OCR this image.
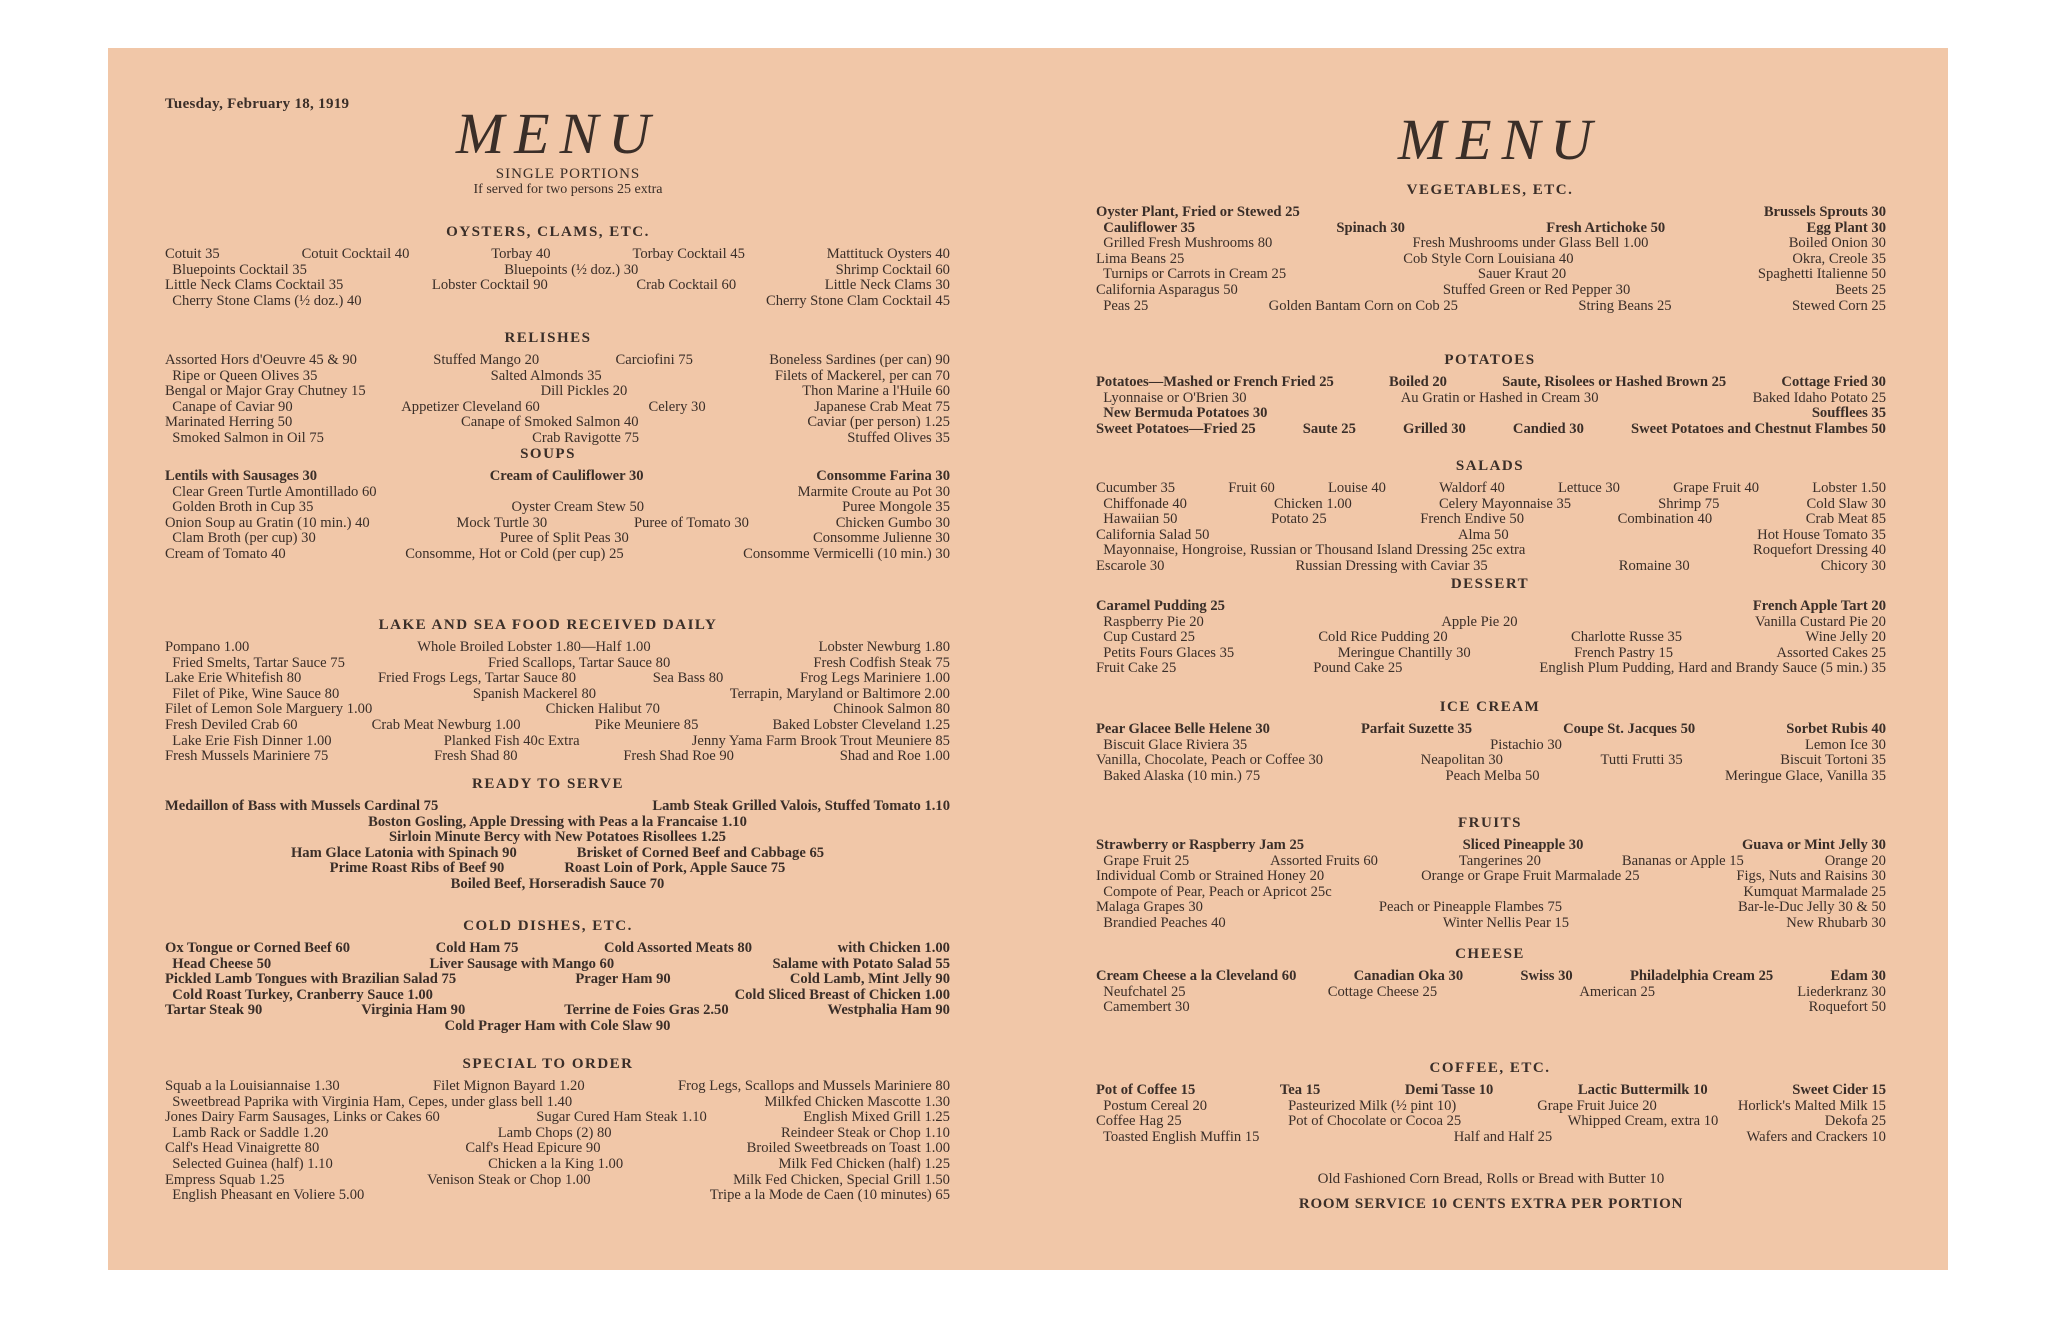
Tuesday, February 18, 1919	MENU
SINGLE PORTIONS
If served for two persons 25 extra
OYSTERS, CLAMS, ETC.
Cotuit 35	Cotuit Cocktail 40	Torbay 40	Torbay Cocktail 45	Mattituck Oysters 40
Bluepoints Cocktail 35	Bluepoints (½ doz.) 30	Shrimp Cocktail 60
Little Neck Clams Cocktail 35	Lobster Cocktail 90	Crab Cocktail 60	Little Neck Clams 30
Cherry Stone Clams (½ doz.) 40	Cherry Stone Clam Cocktail 45
RELISHES
Assorted Hors d'Oeuvre 45 & 90	Stuffed Mango 20	Carciofini 75	Boneless Sardines (per can) 90
Ripe or Queen Olives 35	Salted Almonds 35	Filets of Mackerel, per can 70
Bengal or Major Gray Chutney 15	Dill Pickles 20	Thon Marine a l'Huile 60
Canape of Caviar 90	Appetizer Cleveland 60	Celery 30	Japanese Crab Meat 75
Marinated Herring 50	Canape of Smoked Salmon 40	Caviar (per person) 1.25
Smoked Salmon in Oil 75	Crab Ravigotte 75	Stuffed Olives 35
SOUPS
Lentils with Sausages 30	Cream of Cauliflower 30	Consomme Farina 30
Clear Green Turtle Amontillado 60	Marmite Croute au Pot 30
Golden Broth in Cup 35	Oyster Cream Stew 50	Puree Mongole 35
Onion Soup au Gratin (10 min.) 40	Mock Turtle 30	Puree of Tomato 30	Chicken Gumbo 30
Clam Broth (per cup) 30	Puree of Split Peas 30	Consomme Julienne 30
Cream of Tomato 40	Consomme, Hot or Cold (per cup) 25	Consomme Vermicelli (10 min.) 30
LAKE AND SEA FOOD RECEIVED DAILY
Pompano 1.00	Whole Broiled Lobster 1.80—Half 1.00	Lobster Newburg 1.80
Fried Smelts, Tartar Sauce 75	Fried Scallops, Tartar Sauce 80	Fresh Codfish Steak 75
Lake Erie Whitefish 80	Fried Frogs Legs, Tartar Sauce 80	Sea Bass 80	Frog Legs Mariniere 1.00
Filet of Pike, Wine Sauce 80	Spanish Mackerel 80	Terrapin, Maryland or Baltimore 2.00
Filet of Lemon Sole Marguery 1.00	Chicken Halibut 70	Chinook Salmon 80
Fresh Deviled Crab 60	Crab Meat Newburg 1.00	Pike Meuniere 85	Baked Lobster Cleveland 1.25
Lake Erie Fish Dinner 1.00	Planked Fish 40c Extra	Jenny Yama Farm Brook Trout Meuniere 85
Fresh Mussels Mariniere 75	Fresh Shad 80	Fresh Shad Roe 90	Shad and Roe 1.00
READY TO SERVE
Medaillon of Bass with Mussels Cardinal 75	Lamb Steak Grilled Valois, Stuffed Tomato 1.10
Boston Gosling, Apple Dressing with Peas a la Francaise 1.10
Sirloin Minute Bercy with New Potatoes Risollees 1.25
Ham Glace Latonia with Spinach 90	Brisket of Corned Beef and Cabbage 65
Prime Roast Ribs of Beef 90	Roast Loin of Pork, Apple Sauce 75
Boiled Beef, Horseradish Sauce 70
COLD DISHES, ETC.
Ox Tongue or Corned Beef 60	Cold Ham 75	Cold Assorted Meats 80	with Chicken 1.00
Head Cheese 50	Liver Sausage with Mango 60	Salame with Potato Salad 55
Pickled Lamb Tongues with Brazilian Salad 75	Prager Ham 90	Cold Lamb, Mint Jelly 90
Cold Roast Turkey, Cranberry Sauce 1.00	Cold Sliced Breast of Chicken 1.00
Tartar Steak 90	Virginia Ham 90	Terrine de Foies Gras 2.50	Westphalia Ham 90
Cold Prager Ham with Cole Slaw 90
SPECIAL TO ORDER
Squab a la Louisiannaise 1.30	Filet Mignon Bayard 1.20	Frog Legs, Scallops and Mussels Mariniere 80
Sweetbread Paprika with Virginia Ham, Cepes, under glass bell 1.40	Milkfed Chicken Mascotte 1.30
Jones Dairy Farm Sausages, Links or Cakes 60	Sugar Cured Ham Steak 1.10	English Mixed Grill 1.25
Lamb Rack or Saddle 1.20	Lamb Chops (2) 80	Reindeer Steak or Chop 1.10
Calf's Head Vinaigrette 80	Calf's Head Epicure 90	Broiled Sweetbreads on Toast 1.00
Selected Guinea (half) 1.10	Chicken a la King 1.00	Milk Fed Chicken (half) 1.25
Empress Squab 1.25	Venison Steak or Chop 1.00	Milk Fed Chicken, Special Grill 1.50
English Pheasant en Voliere 5.00	Tripe a la Mode de Caen (10 minutes) 65
MENU
Old Fashioned Corn Bread, Rolls or Bread with Butter 10
ROOM SERVICE 10 CENTS EXTRA PER PORTION
VEGETABLES, ETC.
Oyster Plant, Fried or Stewed 25	Brussels Sprouts 30
Cauliflower 35	Spinach 30	Fresh Artichoke 50	Egg Plant 30
Grilled Fresh Mushrooms 80	Fresh Mushrooms under Glass Bell 1.00	Boiled Onion 30
Lima Beans 25	Cob Style Corn Louisiana 40	Okra, Creole 35
Turnips or Carrots in Cream 25	Sauer Kraut 20	Spaghetti Italienne 50
California Asparagus 50	Stuffed Green or Red Pepper 30	Beets 25
Peas 25	Golden Bantam Corn on Cob 25	String Beans 25	Stewed Corn 25
POTATOES
Potatoes—Mashed or French Fried 25	Boiled 20	Saute, Risolees or Hashed Brown 25	Cottage Fried 30
Lyonnaise or O'Brien 30	Au Gratin or Hashed in Cream 30	Baked Idaho Potato 25
New Bermuda Potatoes 30	Soufflees 35
Sweet Potatoes—Fried 25	Saute 25	Grilled 30	Candied 30	Sweet Potatoes and Chestnut Flambes 50
SALADS
Cucumber 35	Fruit 60	Louise 40	Waldorf 40	Lettuce 30	Grape Fruit 40	Lobster 1.50
Chiffonade 40	Chicken 1.00	Celery Mayonnaise 35	Shrimp 75	Cold Slaw 30
Hawaiian 50	Potato 25	French Endive 50	Combination 40	Crab Meat 85
California Salad 50	Alma 50	Hot House Tomato 35
Mayonnaise, Hongroise, Russian or Thousand Island Dressing 25c extra	Roquefort Dressing 40
Escarole 30	Russian Dressing with Caviar 35	Romaine 30	Chicory 30
DESSERT
Caramel Pudding 25	French Apple Tart 20
Raspberry Pie 20	Apple Pie 20	Vanilla Custard Pie 20
Cup Custard 25	Cold Rice Pudding 20	Charlotte Russe 35	Wine Jelly 20
Petits Fours Glaces 35	Meringue Chantilly 30	French Pastry 15	Assorted Cakes 25
Fruit Cake 25	Pound Cake 25	English Plum Pudding, Hard and Brandy Sauce (5 min.) 35
ICE CREAM
Pear Glacee Belle Helene 30	Parfait Suzette 35	Coupe St. Jacques 50	Sorbet Rubis 40
Biscuit Glace Riviera 35	Pistachio 30	Lemon Ice 30
Vanilla, Chocolate, Peach or Coffee 30	Neapolitan 30	Tutti Frutti 35	Biscuit Tortoni 35
Baked Alaska (10 min.) 75	Peach Melba 50	Meringue Glace, Vanilla 35
FRUITS
Strawberry or Raspberry Jam 25	Sliced Pineapple 30	Guava or Mint Jelly 30
Grape Fruit 25	Assorted Fruits 60	Tangerines 20	Bananas or Apple 15	Orange 20
Individual Comb or Strained Honey 20	Orange or Grape Fruit Marmalade 25	Figs, Nuts and Raisins 30
Compote of Pear, Peach or Apricot 25c	Kumquat Marmalade 25
Malaga Grapes 30	Peach or Pineapple Flambes 75	Bar-le-Duc Jelly 30 & 50
Brandied Peaches 40	Winter Nellis Pear 15	New Rhubarb 30
CHEESE
Cream Cheese a la Cleveland 60	Canadian Oka 30	Swiss 30	Philadelphia Cream 25	Edam 30
Neufchatel 25	Cottage Cheese 25	American 25	Liederkranz 30
Camembert 30	Roquefort 50
COFFEE, ETC.
Pot of Coffee 15	Tea 15	Demi Tasse 10	Lactic Buttermilk 10	Sweet Cider 15
Postum Cereal 20	Pasteurized Milk (½ pint 10)	Grape Fruit Juice 20	Horlick's Malted Milk 15
Coffee Hag 25	Pot of Chocolate or Cocoa 25	Whipped Cream, extra 10	Dekofa 25
Toasted English Muffin 15	Half and Half 25	Wafers and Crackers 10
